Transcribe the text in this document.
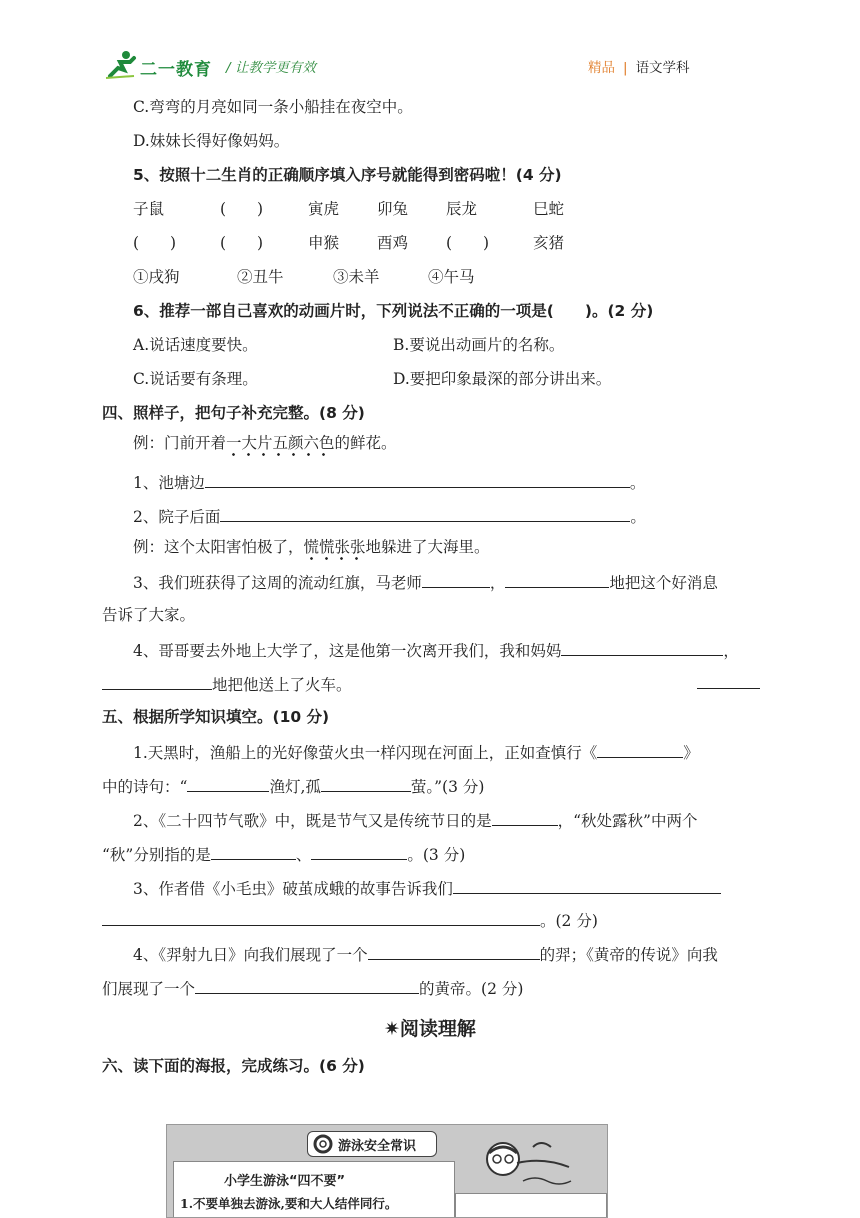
二一教育 / 让教学更有效	精品 | 语文学科
C.弯弯的月亮如同一条小船挂在夜空中。
D.妹妹长得好像妈妈。
5、按照十二生肖的正确顺序填入序号就能得到密码啦！(4 分)
子鼠	(　　)	寅虎 卯兔 辰龙	巳蛇
(　　)	(　　)	申猴 酉鸡 (　　)	亥猪
①戌狗	②丑牛	③未羊	④午马
6、推荐一部自己喜欢的动画片时，下列说法不正确的一项是(　　)。(2 分)
A.说话速度要快。	B.要说出动画片的名称。
C.说话要有条理。	D.要把印象最深的部分讲出来。
四、照样子，把句子补充完整。(8 分)
例：门前开着一大片五颜六色的鲜花。
1、池塘边	。
2、院子后面	。
例：这个太阳害怕极了，慌慌张张地躲进了大海里。
3、我们班获得了这周的流动红旗，马老师	，	地把这个好消息
告诉了大家。
4、哥哥要去外地上大学了，这是他第一次离开我们，我和妈妈	，
地把他送上了火车。
五、根据所学知识填空。(10 分)
1.天黑时，渔船上的光好像萤火虫一样闪现在河面上，正如查慎行《	》
中的诗句：“	渔灯,孤	萤。”(3 分)
2、《二十四节气歌》中，既是节气又是传统节日的是	，“秋处露秋”中两个
“秋”分别指的是	、	。(3 分)
3、作者借《小毛虫》破茧成蛾的故事告诉我们
。(2 分)
4、《羿射九日》向我们展现了一个	的羿；《黄帝的传说》向我
们展现了一个	的黄帝。(2 分)
✷阅读理解
六、读下面的海报，完成练习。(6 分)
游泳安全常识
小学生游泳“四不要”
1.不要单独去游泳,要和大人结伴同行。
